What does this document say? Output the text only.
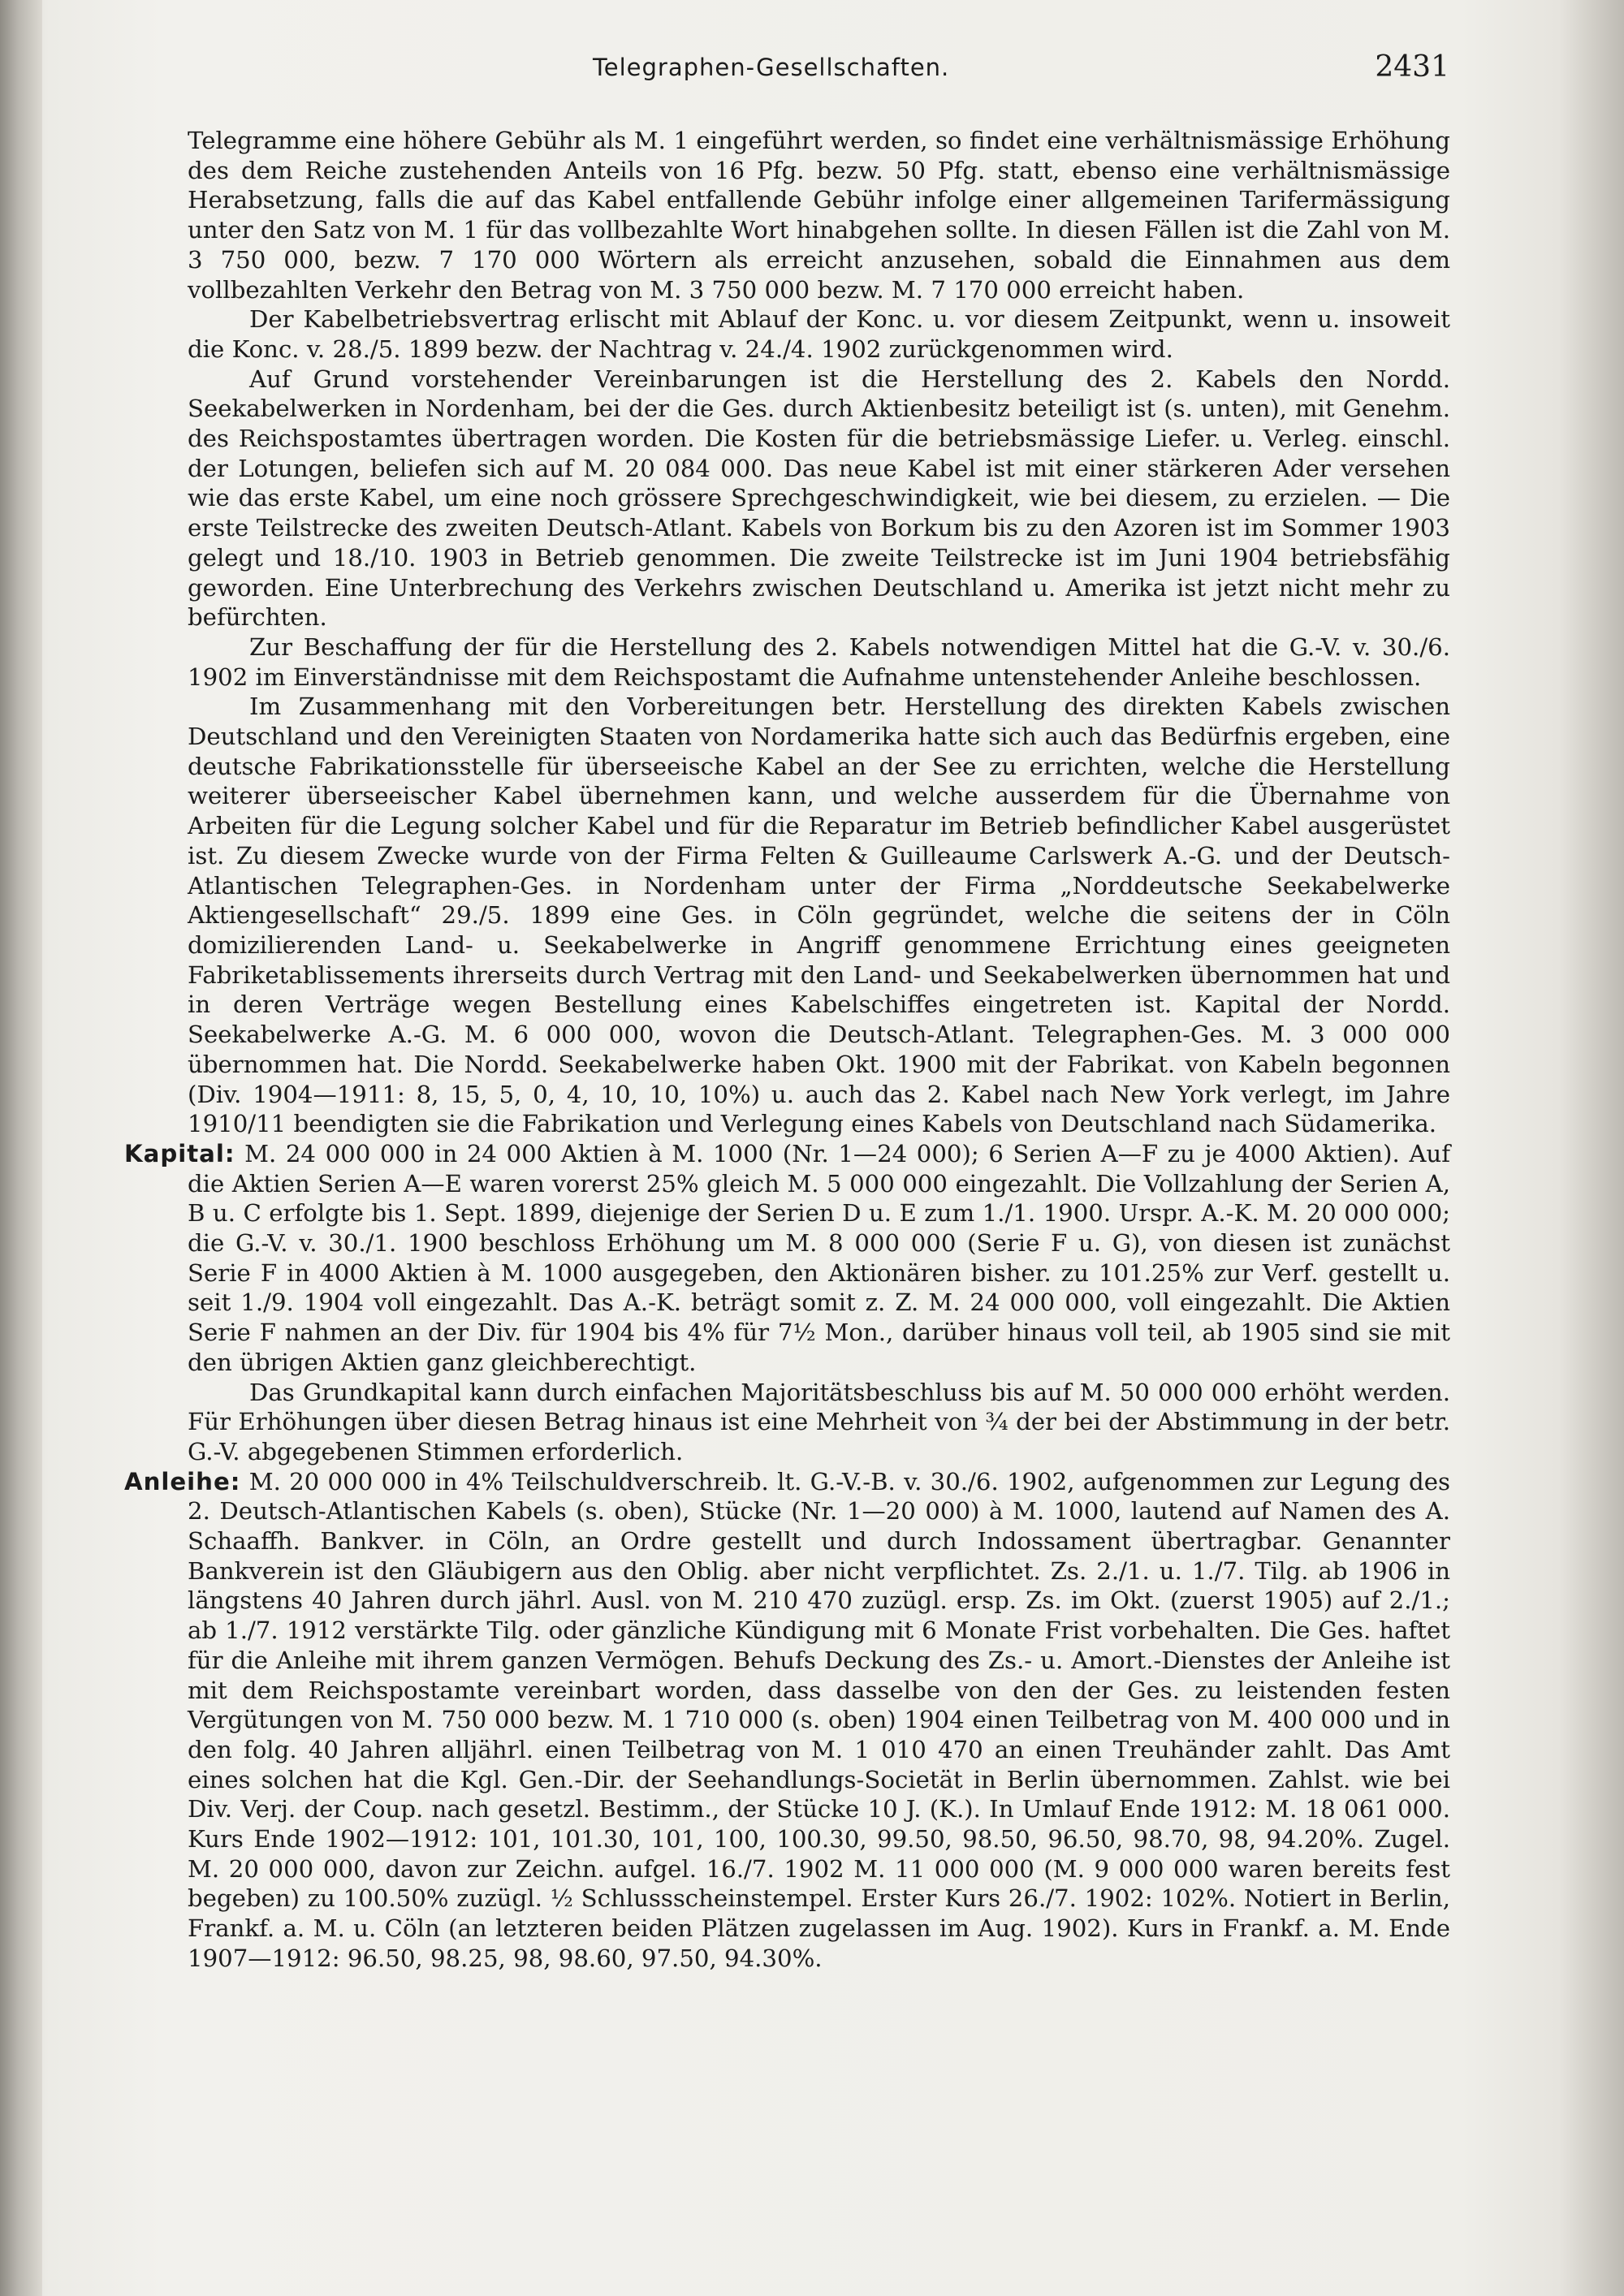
Telegraphen-Gesellschaften.	2431

Telegramme eine höhere Gebühr als M. 1 eingeführt werden, so findet eine verhältnismässige Erhöhung des dem Reiche zustehenden Anteils von 16 Pfg. bezw. 50 Pfg. statt, ebenso eine verhältnismässige Herabsetzung, falls die auf das Kabel entfallende Gebühr infolge einer allgemeinen Tarifermässigung unter den Satz von M. 1 für das vollbezahlte Wort hinabgehen sollte. In diesen Fällen ist die Zahl von M. 3 750 000, bezw. 7 170 000 Wörtern als erreicht anzusehen, sobald die Einnahmen aus dem vollbezahlten Verkehr den Betrag von M. 3 750 000 bezw. M. 7 170 000 erreicht haben.

Der Kabelbetriebsvertrag erlischt mit Ablauf der Konc. u. vor diesem Zeitpunkt, wenn u. insoweit die Konc. v. 28./5. 1899 bezw. der Nachtrag v. 24./4. 1902 zurückgenommen wird.

Auf Grund vorstehender Vereinbarungen ist die Herstellung des 2. Kabels den Nordd. Seekabelwerken in Nordenham, bei der die Ges. durch Aktienbesitz beteiligt ist (s. unten), mit Genehm. des Reichspostamtes übertragen worden. Die Kosten für die betriebsmässige Liefer. u. Verleg. einschl. der Lotungen, beliefen sich auf M. 20 084 000. Das neue Kabel ist mit einer stärkeren Ader versehen wie das erste Kabel, um eine noch grössere Sprechgeschwindigkeit, wie bei diesem, zu erzielen. — Die erste Teilstrecke des zweiten Deutsch-Atlant. Kabels von Borkum bis zu den Azoren ist im Sommer 1903 gelegt und 18./10. 1903 in Betrieb genommen. Die zweite Teilstrecke ist im Juni 1904 betriebsfähig geworden. Eine Unterbrechung des Verkehrs zwischen Deutschland u. Amerika ist jetzt nicht mehr zu befürchten.

Zur Beschaffung der für die Herstellung des 2. Kabels notwendigen Mittel hat die G.-V. v. 30./6. 1902 im Einverständnisse mit dem Reichspostamt die Aufnahme untenstehender Anleihe beschlossen.

Im Zusammenhang mit den Vorbereitungen betr. Herstellung des direkten Kabels zwischen Deutschland und den Vereinigten Staaten von Nordamerika hatte sich auch das Bedürfnis ergeben, eine deutsche Fabrikationsstelle für überseeische Kabel an der See zu errichten, welche die Herstellung weiterer überseeischer Kabel übernehmen kann, und welche ausserdem für die Übernahme von Arbeiten für die Legung solcher Kabel und für die Reparatur im Betrieb befindlicher Kabel ausgerüstet ist. Zu diesem Zwecke wurde von der Firma Felten & Guilleaume Carlswerk A.-G. und der Deutsch-Atlantischen Telegraphen-Ges. in Nordenham unter der Firma „Norddeutsche Seekabelwerke Aktiengesellschaft“ 29./5. 1899 eine Ges. in Cöln gegründet, welche die seitens der in Cöln domizilierenden Land- u. Seekabelwerke in Angriff genommene Errichtung eines geeigneten Fabriketablissements ihrerseits durch Vertrag mit den Land- und Seekabelwerken übernommen hat und in deren Verträge wegen Bestellung eines Kabelschiffes eingetreten ist. Kapital der Nordd. Seekabelwerke A.-G. M. 6 000 000, wovon die Deutsch-Atlant. Telegraphen-Ges. M. 3 000 000 übernommen hat. Die Nordd. Seekabelwerke haben Okt. 1900 mit der Fabrikat. von Kabeln begonnen (Div. 1904—1911: 8, 15, 5, 0, 4, 10, 10, 10%) u. auch das 2. Kabel nach New York verlegt, im Jahre 1910/11 beendigten sie die Fabrikation und Verlegung eines Kabels von Deutschland nach Südamerika.

Kapital: M. 24 000 000 in 24 000 Aktien à M. 1000 (Nr. 1—24 000); 6 Serien A—F zu je 4000 Aktien). Auf die Aktien Serien A—E waren vorerst 25% gleich M. 5 000 000 eingezahlt. Die Vollzahlung der Serien A, B u. C erfolgte bis 1. Sept. 1899, diejenige der Serien D u. E zum 1./1. 1900. Urspr. A.-K. M. 20 000 000; die G.-V. v. 30./1. 1900 beschloss Erhöhung um M. 8 000 000 (Serie F u. G), von diesen ist zunächst Serie F in 4000 Aktien à M. 1000 ausgegeben, den Aktionären bisher. zu 101.25% zur Verf. gestellt u. seit 1./9. 1904 voll eingezahlt. Das A.-K. beträgt somit z. Z. M. 24 000 000, voll eingezahlt. Die Aktien Serie F nahmen an der Div. für 1904 bis 4% für 7½ Mon., darüber hinaus voll teil, ab 1905 sind sie mit den übrigen Aktien ganz gleichberechtigt.

Das Grundkapital kann durch einfachen Majoritätsbeschluss bis auf M. 50 000 000 erhöht werden. Für Erhöhungen über diesen Betrag hinaus ist eine Mehrheit von ¾ der bei der Abstimmung in der betr. G.-V. abgegebenen Stimmen erforderlich.

Anleihe: M. 20 000 000 in 4% Teilschuldverschreib. lt. G.-V.-B. v. 30./6. 1902, aufgenommen zur Legung des 2. Deutsch-Atlantischen Kabels (s. oben), Stücke (Nr. 1—20 000) à M. 1000, lautend auf Namen des A. Schaaffh. Bankver. in Cöln, an Ordre gestellt und durch Indossament übertragbar. Genannter Bankverein ist den Gläubigern aus den Oblig. aber nicht verpflichtet. Zs. 2./1. u. 1./7. Tilg. ab 1906 in längstens 40 Jahren durch jährl. Ausl. von M. 210 470 zuzügl. ersp. Zs. im Okt. (zuerst 1905) auf 2./1.; ab 1./7. 1912 verstärkte Tilg. oder gänzliche Kündigung mit 6 Monate Frist vorbehalten. Die Ges. haftet für die Anleihe mit ihrem ganzen Vermögen. Behufs Deckung des Zs.- u. Amort.-Dienstes der Anleihe ist mit dem Reichspostamte vereinbart worden, dass dasselbe von den der Ges. zu leistenden festen Vergütungen von M. 750 000 bezw. M. 1 710 000 (s. oben) 1904 einen Teilbetrag von M. 400 000 und in den folg. 40 Jahren alljährl. einen Teilbetrag von M. 1 010 470 an einen Treuhänder zahlt. Das Amt eines solchen hat die Kgl. Gen.-Dir. der Seehandlungs-Societät in Berlin übernommen. Zahlst. wie bei Div. Verj. der Coup. nach gesetzl. Bestimm., der Stücke 10 J. (K.). In Umlauf Ende 1912: M. 18 061 000. Kurs Ende 1902—1912: 101, 101.30, 101, 100, 100.30, 99.50, 98.50, 96.50, 98.70, 98, 94.20%. Zugel. M. 20 000 000, davon zur Zeichn. aufgel. 16./7. 1902 M. 11 000 000 (M. 9 000 000 waren bereits fest begeben) zu 100.50% zuzügl. ½ Schlussscheinstempel. Erster Kurs 26./7. 1902: 102%. Notiert in Berlin, Frankf. a. M. u. Cöln (an letzteren beiden Plätzen zugelassen im Aug. 1902). Kurs in Frankf. a. M. Ende 1907—1912: 96.50, 98.25, 98, 98.60, 97.50, 94.30%.
